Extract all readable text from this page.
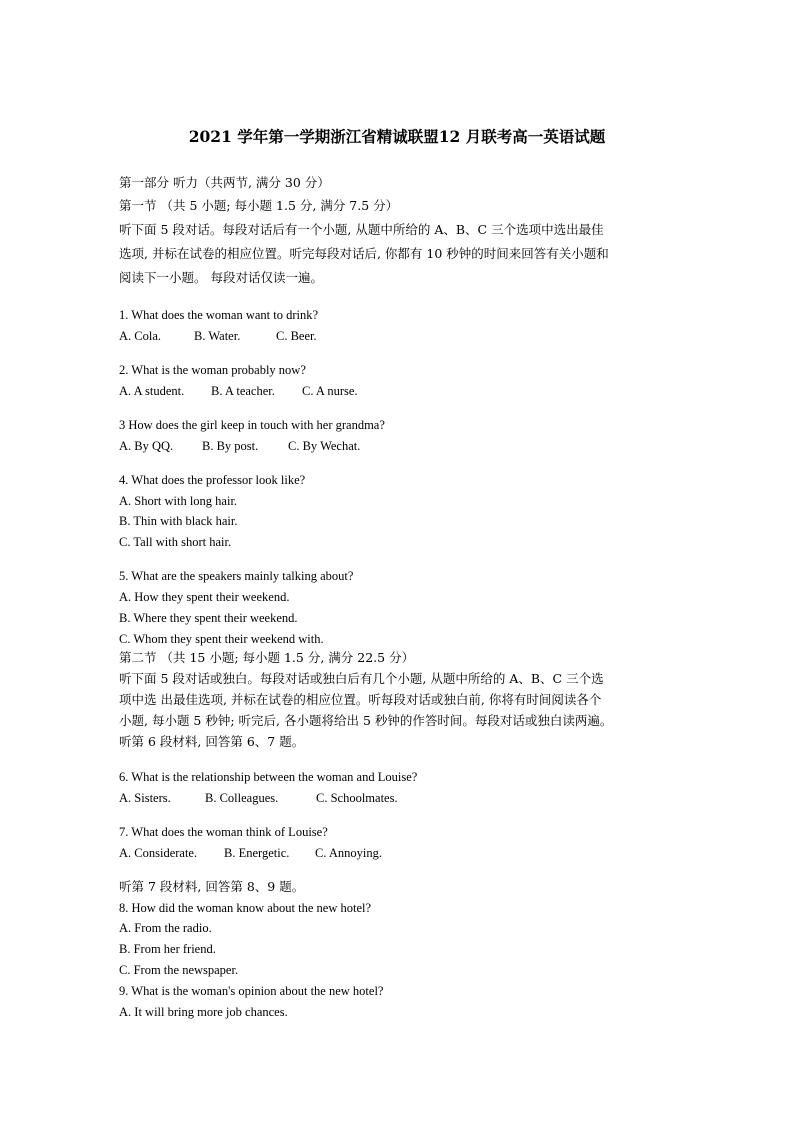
2021 学年第一学期浙江省精诚联盟12 月联考高一英语试题
第一部分 听力（共两节, 满分 30 分）
第一节 （共 5 小题; 每小题 1.5 分, 满分 7.5 分）
听下面 5 段对话。每段对话后有一个小题, 从题中所给的 A、B、C 三个选项中选出最佳
选项, 并标在试卷的相应位置。听完每段对话后, 你都有 10 秒钟的时间来回答有关小题和
阅读下一小题。 每段对话仅读一遍。
1. What does the woman want to drink?
A. Cola.	B. Water.	C. Beer.
2. What is the woman probably now?
A. A student. B. A teacher. C. A nurse.
3 How does the girl keep in touch with her grandma?
A. By QQ. B. By post. C. By Wechat.
4. What does the professor look like?
A. Short with long hair.
B. Thin with black hair.
C. Tall with short hair.
5. What are the speakers mainly talking about?
A. How they spent their weekend.
B. Where they spent their weekend.
C. Whom they spent their weekend with.
第二节 （共 15 小题; 每小题 1.5 分, 满分 22.5 分）
听下面 5 段对话或独白。每段对话或独白后有几个小题, 从题中所给的 A、B、C 三个选
项中选 出最佳选项, 并标在试卷的相应位置。听每段对话或独白前, 你将有时间阅读各个
小题, 每小题 5 秒钟; 听完后, 各小题将给出 5 秒钟的作答时间。每段对话或独白读两遍。
听第 6 段材料, 回答第 6、7 题。
6. What is the relationship between the woman and Louise?
A. Sisters.	B. Colleagues.	C. Schoolmates.
7. What does the woman think of Louise?
A. Considerate. B. Energetic. C. Annoying.
听第 7 段材料, 回答第 8、9 题。
8. How did the woman know about the new hotel?
A. From the radio.
B. From her friend.
C. From the newspaper.
9. What is the woman's opinion about the new hotel?
A. It will bring more job chances.
